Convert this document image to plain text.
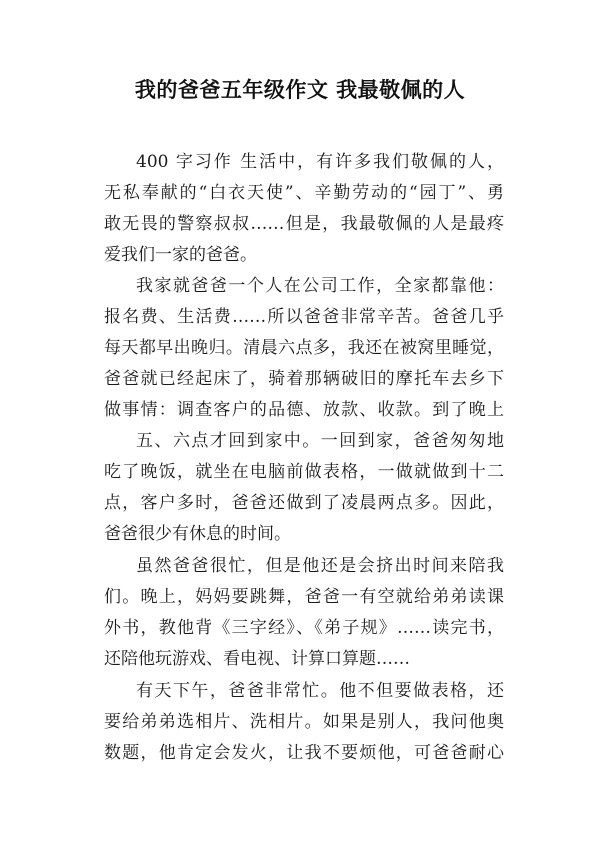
我的爸爸五年级作文 我最敬佩的人
400 字习作 生活中，有许多我们敬佩的人，
无私奉献的“白衣天使”、辛勤劳动的“园丁”、勇
敢无畏的警察叔叔……但是，我最敬佩的人是最疼
爱我们一家的爸爸。
我家就爸爸一个人在公司工作，全家都靠他：
报名费、生活费……所以爸爸非常辛苦。爸爸几乎
每天都早出晚归。清晨六点多，我还在被窝里睡觉，
爸爸就已经起床了，骑着那辆破旧的摩托车去乡下
做事情：调查客户的品德、放款、收款。到了晚上
五、六点才回到家中。一回到家，爸爸匆匆地
吃了晚饭，就坐在电脑前做表格，一做就做到十二
点，客户多时，爸爸还做到了凌晨两点多。因此，
爸爸很少有休息的时间。
虽然爸爸很忙，但是他还是会挤出时间来陪我
们。晚上，妈妈要跳舞，爸爸一有空就给弟弟读课
外书，教他背《三字经》、《弟子规》……读完书，
还陪他玩游戏、看电视、计算口算题……
有天下午，爸爸非常忙。他不但要做表格，还
要给弟弟选相片、洗相片。如果是别人，我问他奥
数题，他肯定会发火，让我不要烦他，可爸爸耐心
